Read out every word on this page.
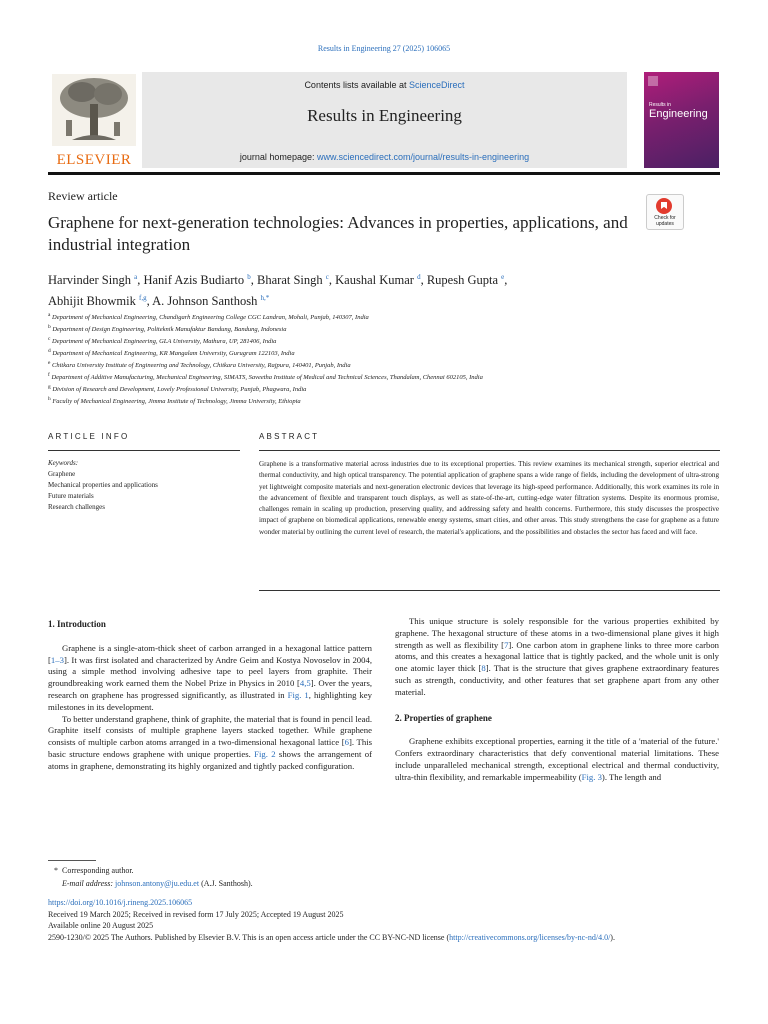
Results in Engineering 27 (2025) 106065
ELSEVIER
Contents lists available at ScienceDirect
Results in Engineering
journal homepage: www.sciencedirect.com/journal/results-in-engineering
Results in
Engineering
Review article
Check for
updates
Graphene for next-generation technologies: Advances in properties, applications, and industrial integration
Harvinder Singh $^a$, Hanif Azis Budiarto $^b$, Bharat Singh $^c$, Kaushal Kumar $^d$, Rupesh Gupta $^e$,
Abhijit Bhowmik $^{f,g}$, A. Johnson Santhosh $^{h,*}$
$^a$ Department of Mechanical Engineering, Chandigarh Engineering College CGC Landran, Mohali, Punjab, 140307, India
$^b$ Department of Design Engineering, Politeknik Manufaktur Bandung, Bandung, Indonesia
$^c$ Department of Mechanical Engineering, GLA University, Mathura, UP, 281406, India
$^d$ Department of Mechanical Engineering, KR Mangalam University, Gurugram 122103, India
$^e$ Chitkara University Institute of Engineering and Technology, Chitkara University, Rajpura, 140401, Punjab, India
$^f$ Department of Additive Manufacturing, Mechanical Engineering, SIMATS, Saveetha Institute of Medical and Technical Sciences, Thandalam, Chennai 602105, India
$^g$ Division of Research and Development, Lovely Professional University, Punjab, Phagwara, India
$^h$ Faculty of Mechanical Engineering, Jimma Institute of Technology, Jimma University, Ethiopia
ARTICLE INFO	ABSTRACT
Keywords:
Graphene
Mechanical properties and applications
Future materials
Research challenges
Graphene is a transformative material across industries due to its exceptional properties. This review examines its mechanical strength, superior electrical and thermal conductivity, and high optical transparency. The potential application of graphene spans a wide range of fields, including the development of ultra-strong yet lightweight composite materials and next-generation electronic devices that leverage its high-speed performance. Additionally, this work examines its role in the advancement of flexible and transparent touch displays, as well as state-of-the-art, cutting-edge water filtration systems. Despite its enormous promise, challenges remain in scaling up production, preserving quality, and addressing safety and health concerns. Furthermore, this study discusses the prospective impact of graphene on biomedical applications, renewable energy systems, smart cities, and other areas. This study strengthens the case for graphene as a future wonder material by outlining the current level of research, the material's applications, and the possibilities and obstacles the sector has faced and will face.
1. Introduction

Graphene is a single-atom-thick sheet of carbon arranged in a hexagonal lattice pattern [1–3]. It was first isolated and characterized by Andre Geim and Kostya Novoselov in 2004, using a simple method involving adhesive tape to peel layers from graphite. Their groundbreaking work earned them the Nobel Prize in Physics in 2010 [4,5]. Over the years, research on graphene has progressed significantly, as illustrated in Fig. 1, highlighting key milestones in its development.

To better understand graphene, think of graphite, the material that is found in pencil lead. Graphite itself consists of multiple graphene layers stacked together. While graphene consists of multiple carbon atoms arranged in a two-dimensional hexagonal lattice [6]. This basic structure endows graphene with unique properties. Fig. 2 shows the arrangement of atoms in graphene, demonstrating its highly organized and tightly packed configuration.

This unique structure is solely responsible for the various properties exhibited by graphene. The hexagonal structure of these atoms in a two-dimensional plane gives it high strength as well as flexibility [7]. One carbon atom in graphene links to three more carbon atoms, and this creates a hexagonal lattice that is tightly packed, and the whole unit is only one atomic layer thick [8]. That is the structure that gives graphene extraordinary features such as strength, conductivity, and other features that set graphene apart from any other material.

2. Properties of graphene

Graphene exhibits exceptional properties, earning it the title of a 'material of the future.' Confers extraordinary characteristics that defy conventional material limitations. These include unparalleled mechanical strength, exceptional electrical and thermal conductivity, ultra-thin flexibility, and remarkable impermeability (Fig. 3). The length and

* Corresponding author.
E-mail address: johnson.antony@ju.edu.et (A.J. Santhosh).
https://doi.org/10.1016/j.rineng.2025.106065
Received 19 March 2025; Received in revised form 17 July 2025; Accepted 19 August 2025
Available online 20 August 2025
2590-1230/© 2025 The Authors. Published by Elsevier B.V. This is an open access article under the CC BY-NC-ND license (http://creativecommons.org/licenses/by-nc-nd/4.0/).
